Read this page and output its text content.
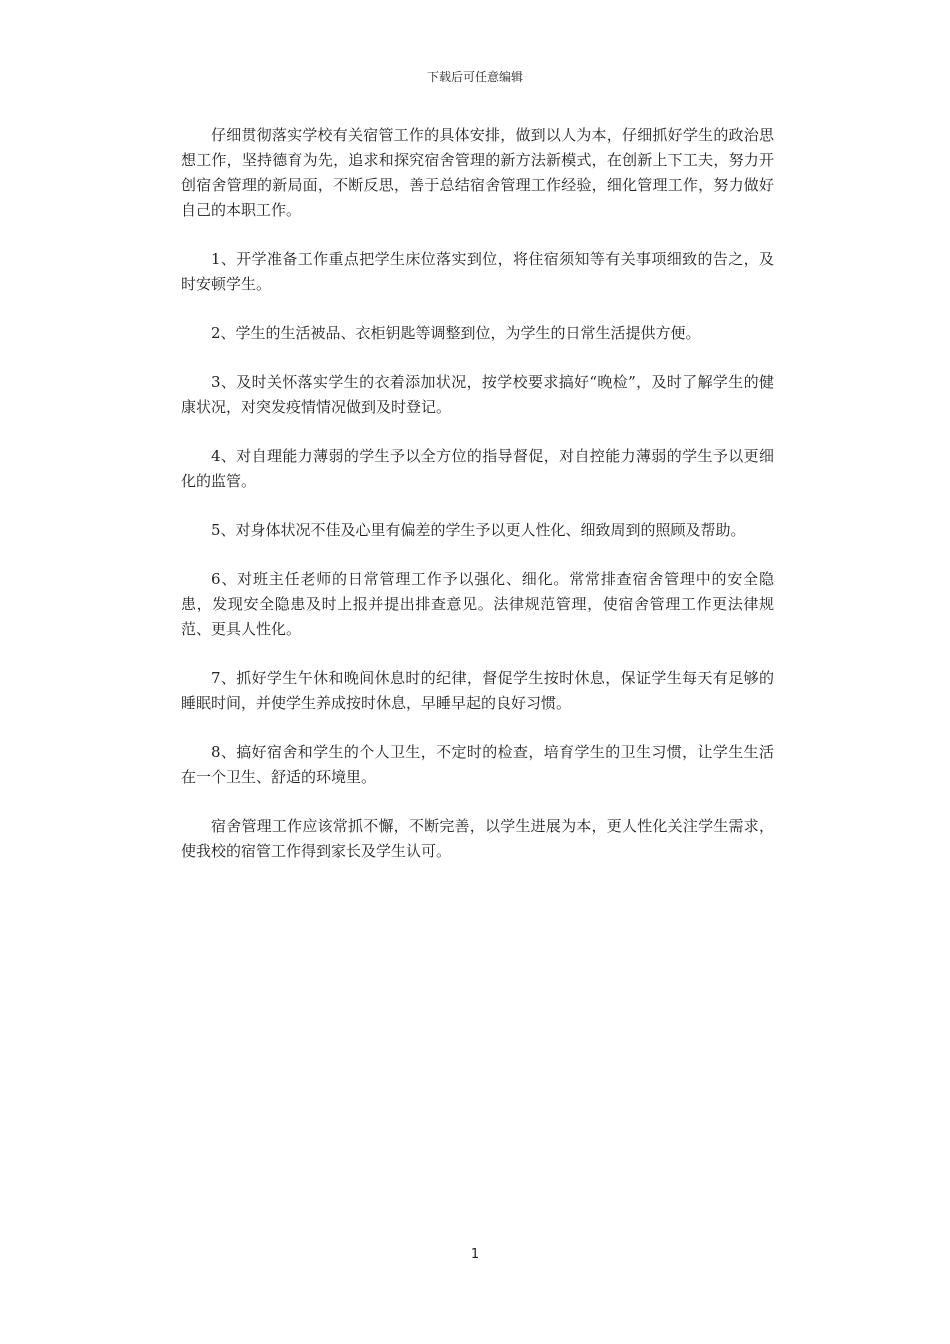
下载后可任意编辑

仔细贯彻落实学校有关宿管工作的具体安排，做到以人为本，仔细抓好学生的政治思想工作，坚持德育为先，追求和探究宿舍管理的新方法新模式，在创新上下工夫，努力开创宿舍管理的新局面，不断反思，善于总结宿舍管理工作经验，细化管理工作，努力做好自己的本职工作。

1、开学准备工作重点把学生床位落实到位，将住宿须知等有关事项细致的告之，及时安顿学生。

2、学生的生活被品、衣柜钥匙等调整到位，为学生的日常生活提供方便。

3、及时关怀落实学生的衣着添加状况，按学校要求搞好“晚检”，及时了解学生的健康状况，对突发疫情情况做到及时登记。

4、对自理能力薄弱的学生予以全方位的指导督促，对自控能力薄弱的学生予以更细化的监管。

5、对身体状况不佳及心里有偏差的学生予以更人性化、细致周到的照顾及帮助。

6、对班主任老师的日常管理工作予以强化、细化。常常排查宿舍管理中的安全隐患，发现安全隐患及时上报并提出排查意见。法律规范管理，使宿舍管理工作更法律规范、更具人性化。

7、抓好学生午休和晚间休息时的纪律，督促学生按时休息，保证学生每天有足够的睡眠时间，并使学生养成按时休息，早睡早起的良好习惯。

8、搞好宿舍和学生的个人卫生，不定时的检查，培育学生的卫生习惯，让学生生活在一个卫生、舒适的环境里。

宿舍管理工作应该常抓不懈，不断完善，以学生进展为本，更人性化关注学生需求，使我校的宿管工作得到家长及学生认可。

1
